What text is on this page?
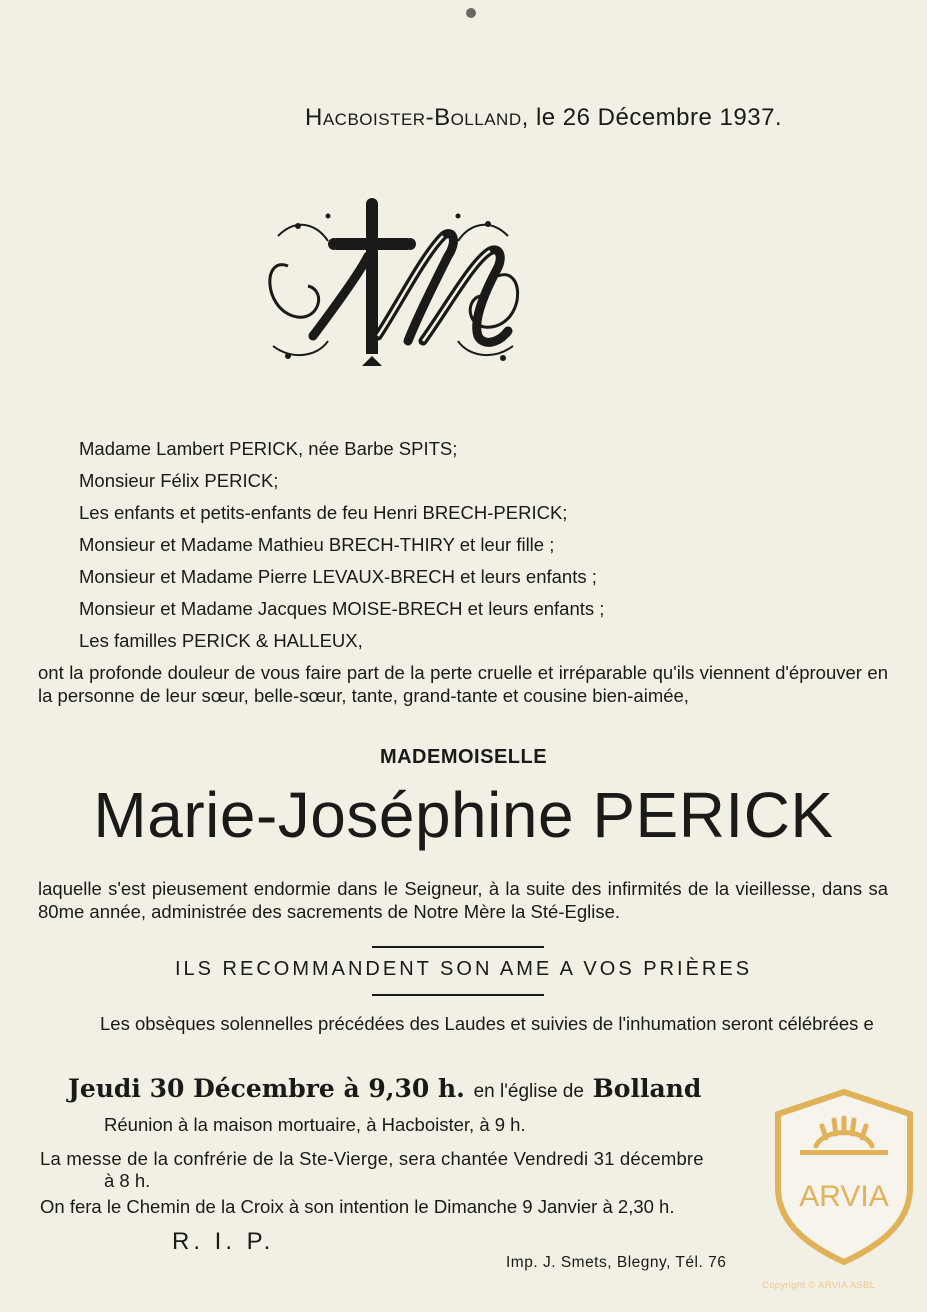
Hacboister-Bolland, le 26 Décembre 1937.
Madame Lambert PERICK, née Barbe SPITS;
Monsieur Félix PERICK;
Les enfants et petits-enfants de feu Henri BRECH-PERICK;
Monsieur et Madame Mathieu BRECH-THIRY et leur fille ;
Monsieur et Madame Pierre LEVAUX-BRECH et leurs enfants ;
Monsieur et Madame Jacques MOISE-BRECH et leurs enfants ;
Les familles PERICK & HALLEUX,
ont la profonde douleur de vous faire part de la perte cruelle et irréparable qu'ils viennent d'éprouver en la personne de leur sœur, belle-sœur, tante, grand-tante et cousine bien-aimée,
MADEMOISELLE
Marie-Joséphine PERICK
laquelle s'est pieusement endormie dans le Seigneur, à la suite des infirmités de la vieillesse, dans sa 80me année, administrée des sacrements de Notre Mère la Sté-Eglise.
ILS RECOMMANDENT SON AME A VOS PRIÈRES
Les obsèques solennelles précédées des Laudes et suivies de l'inhumation seront célébrées e
Jeudi 30 Décembre à 9,30 h. en l'église de Bolland
Réunion à la maison mortuaire, à Hacboister, à 9 h.
La messe de la confrérie de la Ste-Vierge, sera chantée Vendredi 31 décembre
à 8 h.
On fera le Chemin de la Croix à son intention le Dimanche 9 Janvier à 2,30 h.
R. I. P.
Imp. J. Smets, Blegny, Tél. 76
ARVIA
Copyright © ARVIA ASBL
